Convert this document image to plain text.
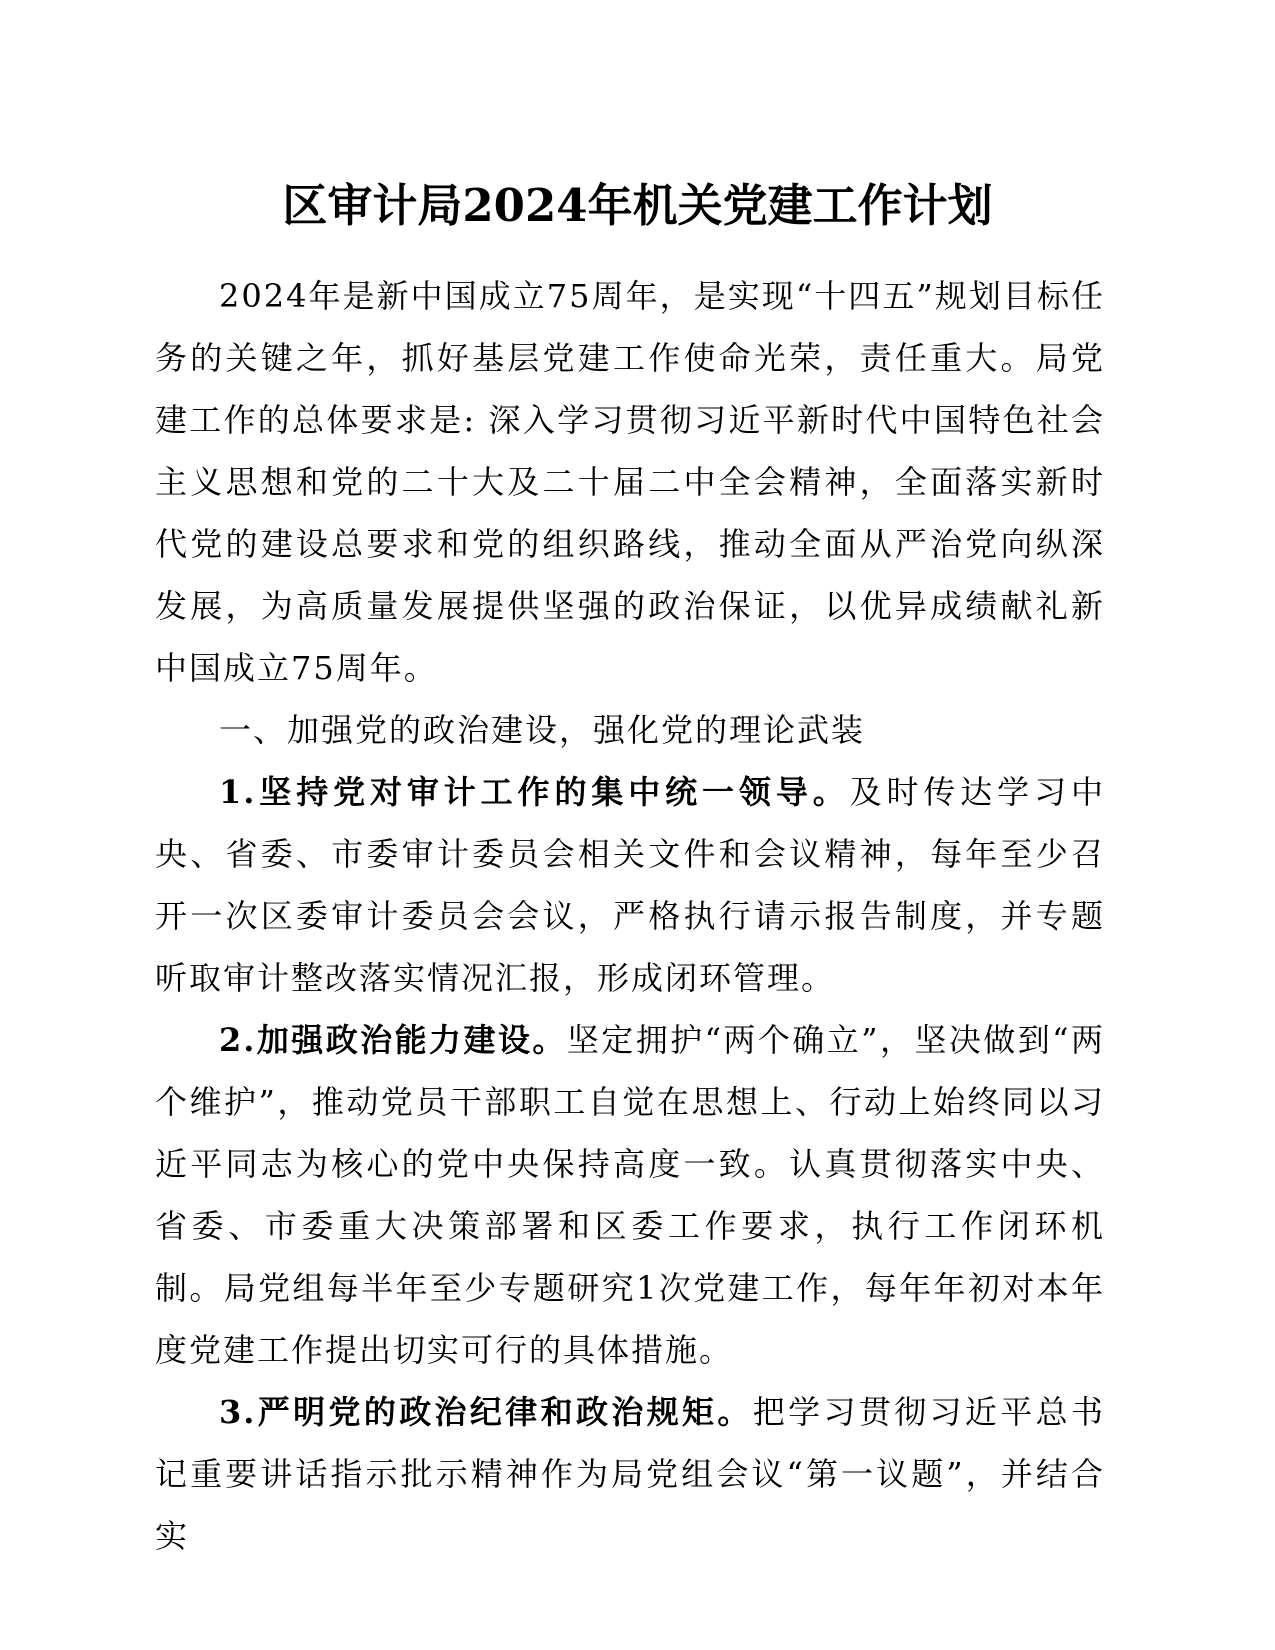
区审计局2024年机关党建工作计划

2024年是新中国成立75周年，是实现“十四五”规划目标任务的关键之年，抓好基层党建工作使命光荣，责任重大。局党建工作的总体要求是: 深入学习贯彻习近平新时代中国特色社会主义思想和党的二十大及二十届二中全会精神，全面落实新时代党的建设总要求和党的组织路线，推动全面从严治党向纵深发展，为高质量发展提供坚强的政治保证，以优异成绩献礼新中国成立75周年。

一、加强党的政治建设，强化党的理论武装

1.坚持党对审计工作的集中统一领导。及时传达学习中央、省委、市委审计委员会相关文件和会议精神，每年至少召开一次区委审计委员会会议，严格执行请示报告制度，并专题听取审计整改落实情况汇报，形成闭环管理。

2.加强政治能力建设。坚定拥护“两个确立”，坚决做到“两个维护”，推动党员干部职工自觉在思想上、行动上始终同以习近平同志为核心的党中央保持高度一致。认真贯彻落实中央、省委、市委重大决策部署和区委工作要求，执行工作闭环机制。局党组每半年至少专题研究1次党建工作，每年年初对本年度党建工作提出切实可行的具体措施。

3.严明党的政治纪律和政治规矩。把学习贯彻习近平总书记重要讲话指示批示精神作为局党组会议“第一议题”，并结合实
